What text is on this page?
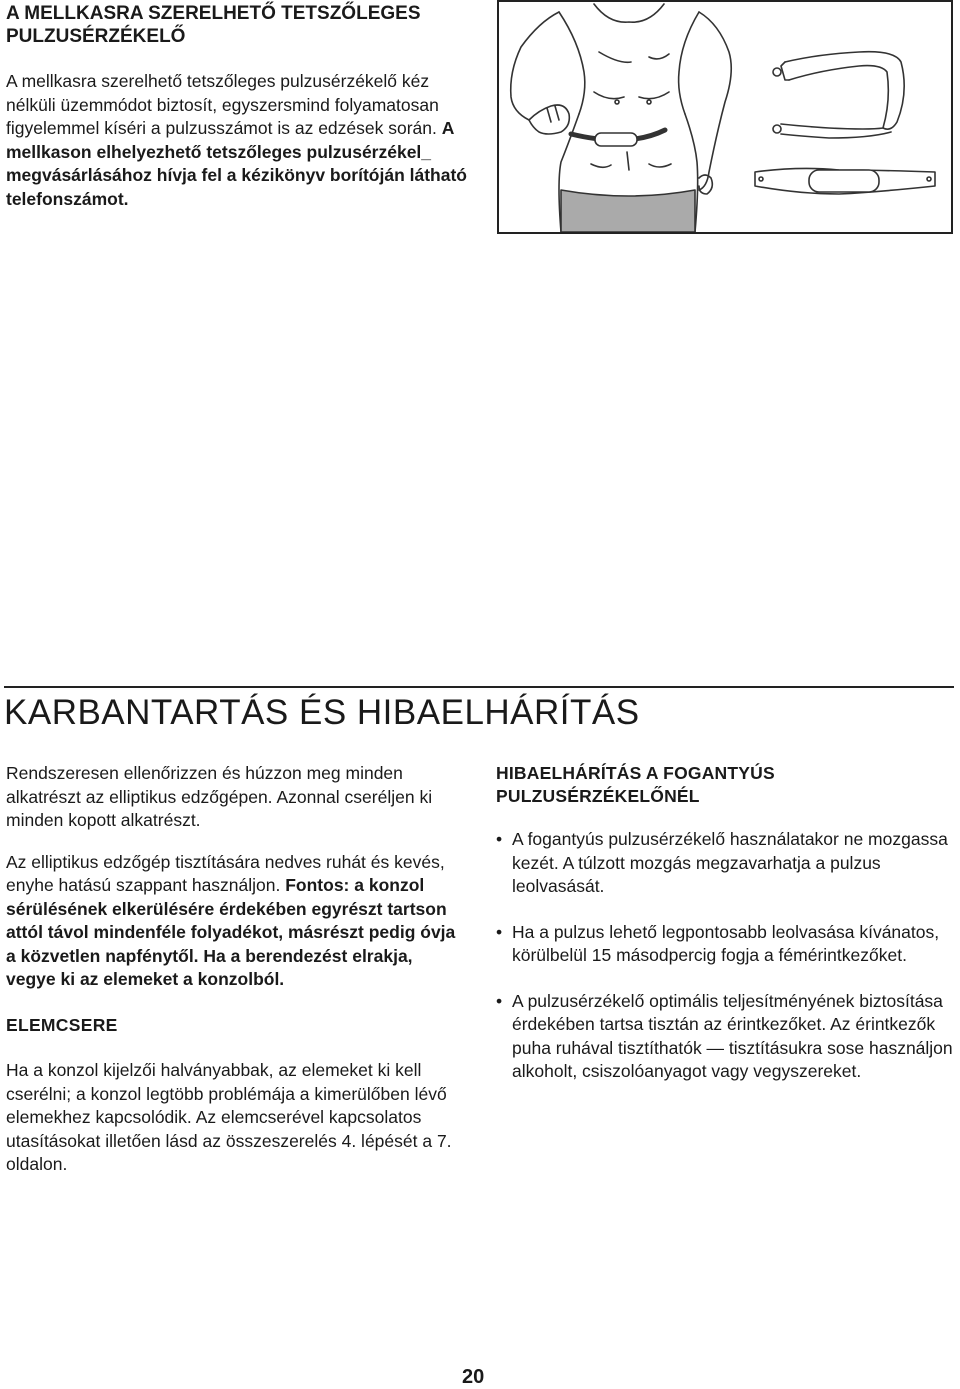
A MELLKASRA SZERELHETŐ TETSZŐLEGES
PULZUSÉRZÉKELŐ
A mellkasra szerelhető tetszőleges pulzusérzékelő kéz nélküli üzemmódot biztosít, egyszersmind folyamatosan figyelemmel kíséri a pulzusszámot is az edzések során. A mellkason elhelyezhető tetszőleges pulzusérzékel_ megvásárlásához hívja fel a kézikönyv borítóján látható telefonszámot.
KARBANTARTÁS ÉS HIBAELHÁRÍTÁS

Rendszeresen ellenőrizzen és húzzon meg minden alkatrészt az elliptikus edzőgépen. Azonnal cseréljen ki minden kopott alkatrészt.

Az elliptikus edzőgép tisztítására nedves ruhát és kevés, enyhe hatású szappant használjon. Fontos: a konzol sérülésének elkerülésére érdekében egyrészt tartson attól távol mindenféle folyadékot, másrészt pedig óvja a közvetlen napfénytől. Ha a berendezést elrakja, vegye ki az elemeket a konzolból.

ELEMCSERE

Ha a konzol kijelzői halványabbak, az elemeket ki kell cserélni; a konzol legtöbb problémája a kimerülőben lévő elemekhez kapcsolódik. Az elemcserével kapcsolatos utasításokat illetően lásd az összeszerelés 4. lépését a 7. oldalon.

HIBAELHÁRÍTÁS A FOGANTYÚS

PULZUSÉRZÉKELŐNÉL

• A fogantyús pulzusérzékelő használatakor ne mozgassa kezét. A túlzott mozgás megzavarhatja a pulzus leolvasását.

• Ha a pulzus lehető legpontosabb leolvasása kívánatos, körülbelül 15 másodpercig fogja a fémérintkezőket.

• A pulzusérzékelő optimális teljesítményének biztosítása érdekében tartsa tisztán az érintkezőket. Az érintkezők puha ruhával tisztíthatók — tisztításukra sose használjon alkoholt, csiszolóanyagot vagy vegyszereket.

20
